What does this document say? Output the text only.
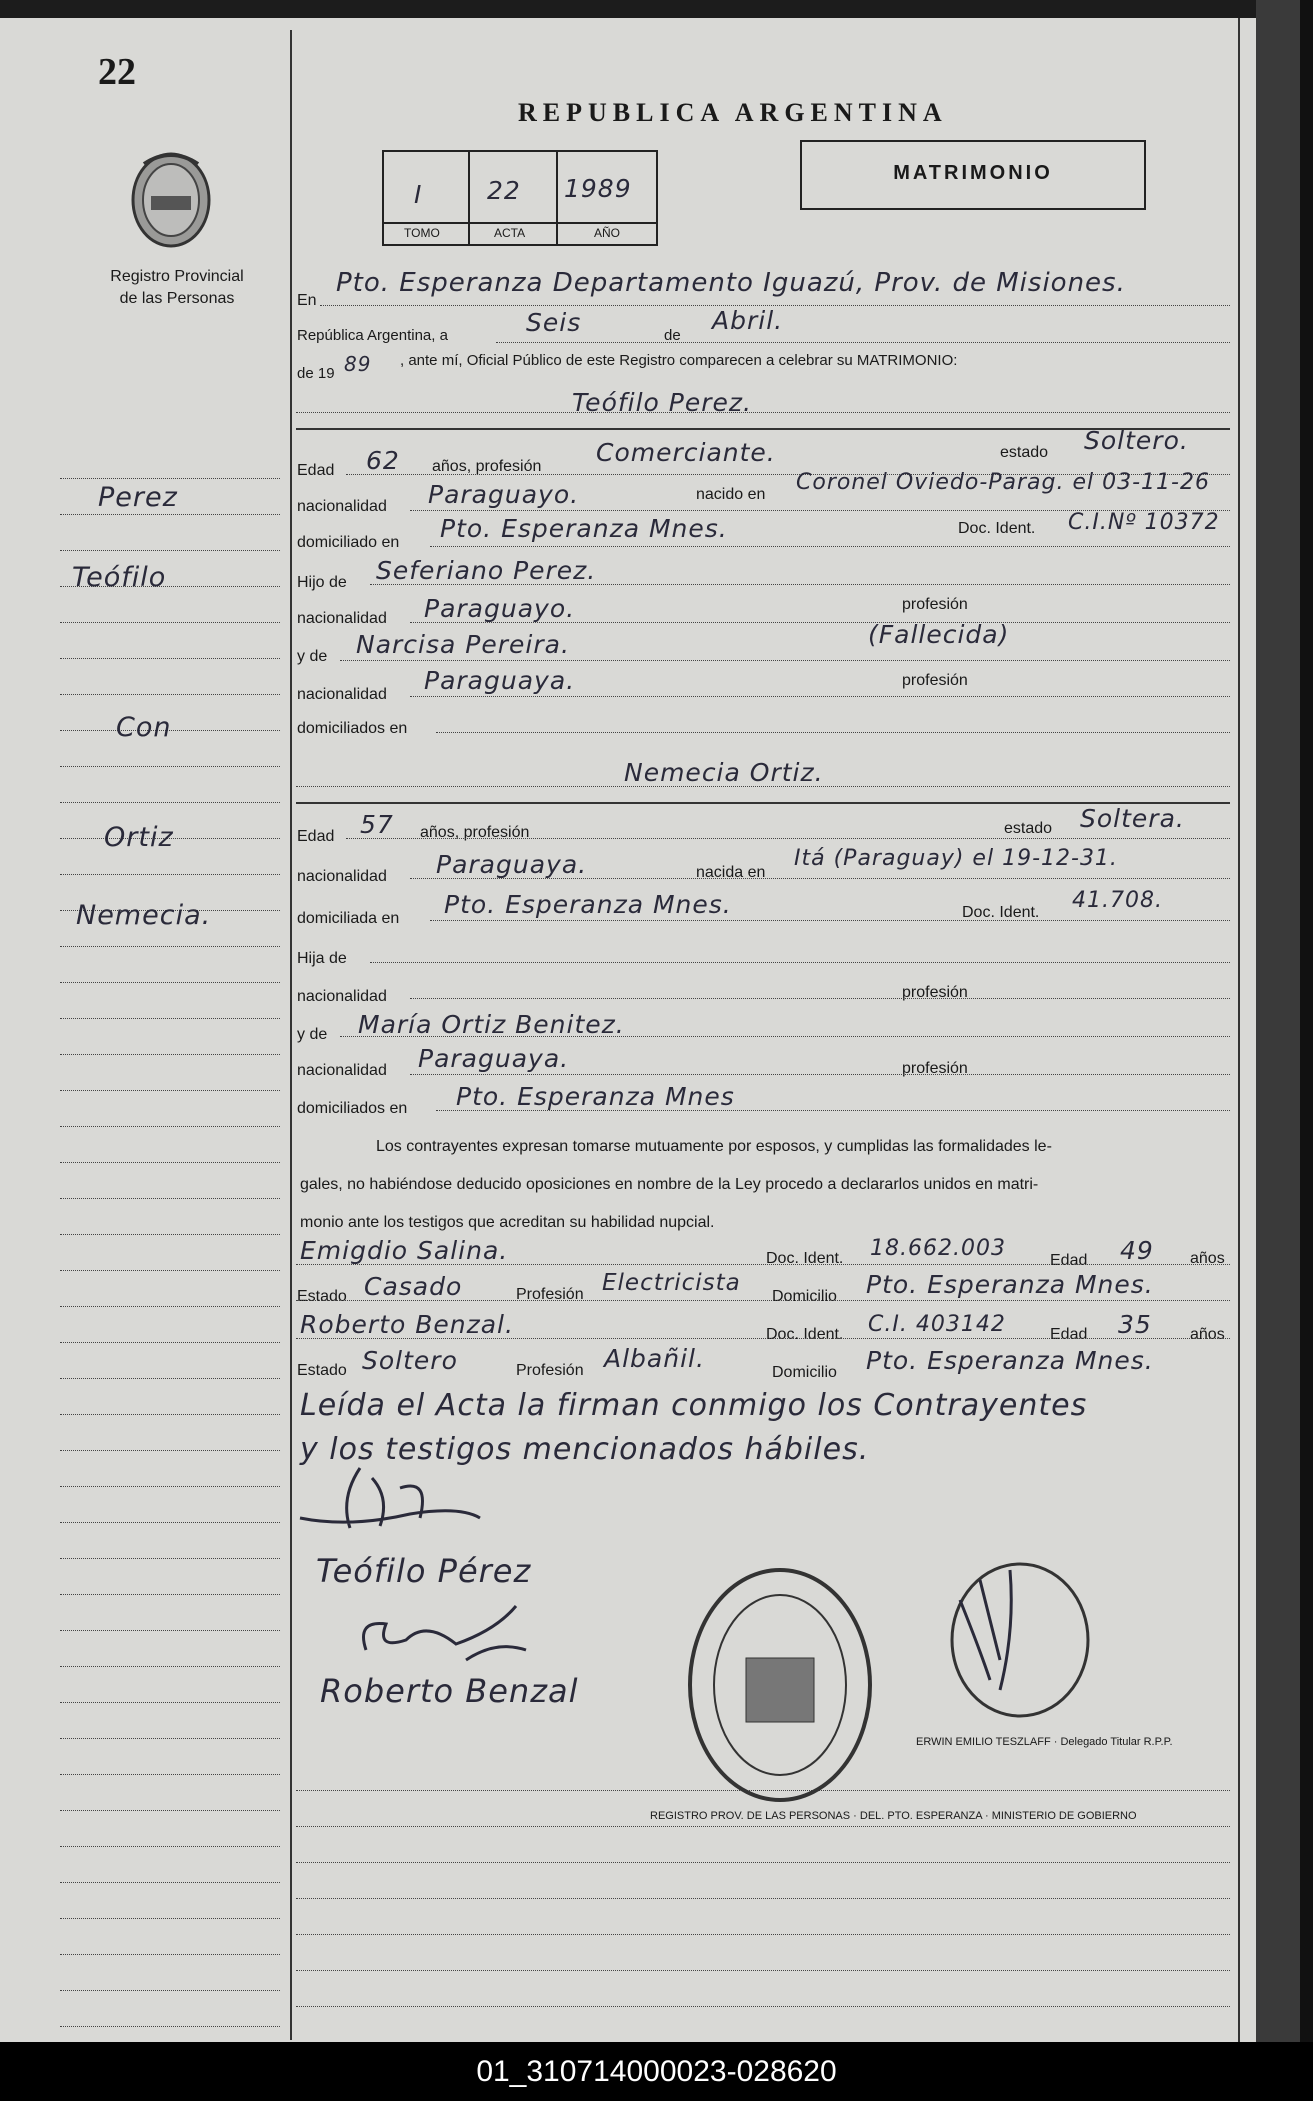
22
Registro Provincial
de las Personas
REPUBLICA ARGENTINA
I	22 1989
TOMO	ACTA	AÑO
MATRIMONIO
Perez
Teófilo
Con
Ortiz
Nemecia.
En
Pto. Esperanza Departamento Iguazú, Prov. de Misiones.
República Argentina, a	Seis	de
Abril.
de 19 89 , ante mí, Oficial Público de este Registro comparecen a celebrar su MATRIMONIO:
Teófilo Perez.
Edad 62 años, profesión Comerciante.	estado Soltero.
nacionalidad Paraguayo.	nacido en Coronel Oviedo-Parag. el 03-11-26
domiciliado en Pto. Esperanza Mnes.	Doc. Ident. C.I.Nº 10372
Hijo de Seferiano Perez.
nacionalidad Paraguayo.	profesión
y de Narcisa Pereira.	(Fallecida)
nacionalidad Paraguaya.	profesión
domiciliados en
Nemecia Ortiz.
Edad 57 años, profesión	estado Soltera.
nacionalidad Paraguaya.	nacida en
Itá (Paraguay) el 19-12-31.
domiciliada en Pto. Esperanza Mnes.	Doc. Ident. 41.708.
Hija de
nacionalidad	profesión
y de María Ortiz Benitez.
nacionalidad Paraguaya.	profesión
domiciliados en Pto. Esperanza Mnes
Los contrayentes expresan tomarse mutuamente por esposos, y cumplidas las formalidades le-
gales, no habiéndose deducido oposiciones en nombre de la Ley procedo a declararlos unidos en matri-
monio ante los testigos que acreditan su habilidad nupcial.
Emigdio Salina.	Doc. Ident. 18.662.003	Edad 49 años
Estado Casado	Profesión Electricista
Domicilio Pto. Esperanza Mnes.
Roberto Benzal.	Doc. Ident. C.I. 403142	Edad 35 años
Estado Soltero	Profesión Albañil.	Domicilio Pto. Esperanza Mnes.
Leída el Acta la firman conmigo los Contrayentes
y los testigos mencionados hábiles.
Teófilo Pérez
Roberto Benzal
REGISTRO PROV. DE LAS PERSONAS · DEL. PTO. ESPERANZA · MINISTERIO DE GOBIERNO
ERWIN EMILIO TESZLAFF · Delegado Titular R.P.P.
01_310714000023-028620
